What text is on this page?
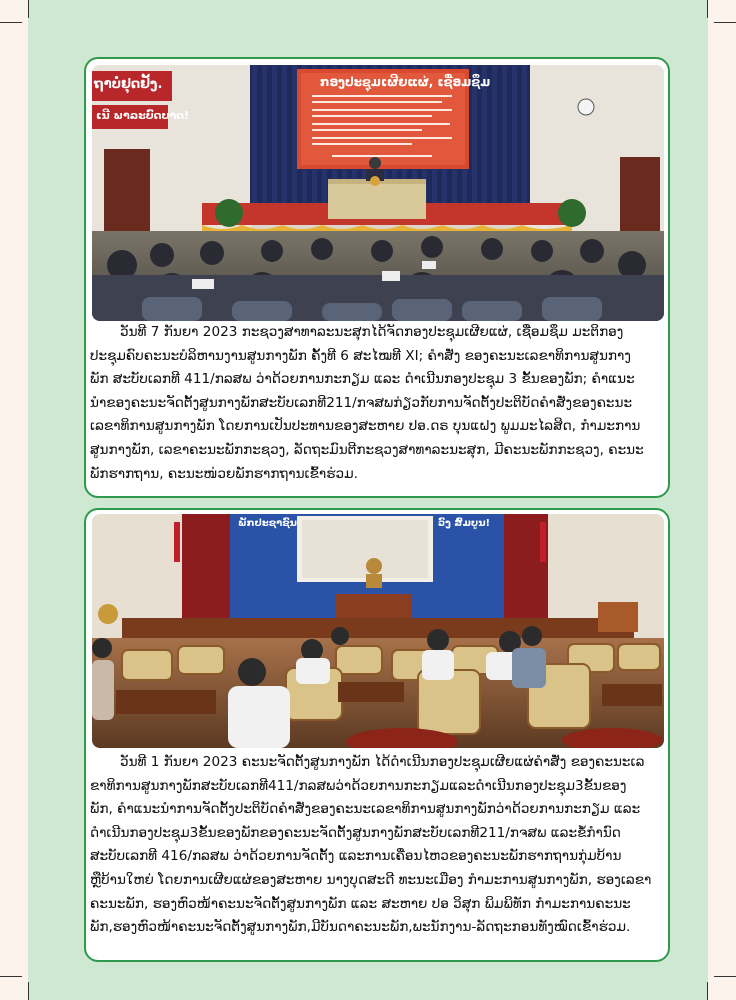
ກອງປະຊຸມເຜີຍແຜ່, ເຊື່ອມຊຶມ
ຖາບໍ່ຢຸດຢັ້ງ.
ເນີ ພາລະບົດບາດ!
ວັນທີ 7 ກັນຍາ 2023 ກະຊວງສາທາລະນະສຸກໄດ້ຈັດກອງປະຊຸມເຜີຍແຜ່, ເຊື່ອມຊຶມ ມະຕິກອງ
ປະຊຸມຄົບຄະນະບໍລິຫານງານສູນກາງພັກ ຄັ້ງທີ 6 ສະໄໝທີ XI; ຄຳສັ່ງ ຂອງຄະນະເລຂາທິການສູນກາງ
ພັກ ສະບັບເລກທີ 411/ກລສພ ວ່າດ້ວຍການກະກຽມ ແລະ ດຳເນີນກອງປະຊຸມ 3 ຂັ້ນຂອງພັກ; ຄຳແນະ
ນຳຂອງຄະນະຈັດຕັ້ງສູນກາງພັກສະບັບເລກທີ211/ກຈສພກ່ຽວກັບການຈັດຕັ້ງປະຕິບັດຄຳສັ່ງຂອງຄະນະ
ເລຂາທິການສູນກາງພັກ ໂດຍການເປັນປະທານຂອງສະຫາຍ ປອ.ດຣ ບຸນແຝງ ພູມມະໄລສິດ, ກຳມະການ
ສູນກາງພັກ, ເລຂາຄະນະພັກກະຊວງ, ລັດຖະມົນຕີກະຊວງສາທາລະນະສຸກ, ມີຄະນະພັກກະຊວງ, ຄະນະ
ພັກຮາກຖານ, ຄະນະໜ່ວຍພັກຮາກຖານເຂົ້າຮ່ວມ.
ພັກປະຊາຊົນ	ວົງ ສົມບູນ!
ວັນທີ 1 ກັນຍາ 2023 ຄະນະຈັດຕັ້ງສູນກາງພັກ ໄດ້ດຳເນີນກອງປະຊຸມເຜີຍແຜ່ຄຳສັ່ງ ຂອງຄະນະເລ
ຂາທິການສູນກາງພັກສະບັບເລກທີ411/ກລສພວ່າດ້ວຍການກະກຽມແລະດຳເນີນກອງປະຊຸມ3ຂັ້ນຂອງ
ພັກ, ຄຳແນະນຳການຈັດຕັ້ງປະຕິບັດຄຳສັ່ງຂອງຄະນະເລຂາທິການສູນກາງພັກວ່າດ້ວຍການກະກຽມ ແລະ
ດຳເນີນກອງປະຊຸມ3ຂັ້ນຂອງພັກຂອງຄະນະຈັດຕັ້ງສູນກາງພັກສະບັບເລກທີ211/ກຈສພ ແລະຂໍ້ກຳນົດ
ສະບັບເລກທີ 416/ກລສພ ວ່າດ້ວຍການຈັດຕັ້ງ ແລະການເຄື່ອນໄຫວຂອງຄະນະພັກຮາກຖານກຸ່ມບ້ານ
ຫຼືບ້ານໃຫຍ່ ໂດຍການເຜີຍແຜ່ຂອງສະຫາຍ ນາງບຸດສະດີ ທະນະເມືອງ ກຳມະການສູນກາງພັກ, ຮອງເລຂາ
ຄະນະພັກ, ຮອງຫົວໜ້າຄະນະຈັດຕັ້ງສູນກາງພັກ ແລະ ສະຫາຍ ປອ ວິສຸກ ພິມພິທັກ ກຳມະການຄະນະ
ພັກ,ຮອງຫົວໜ້າຄະນະຈັດຕັ້ງສູນກາງພັກ,ມີບັນດາຄະນະພັກ,ພະນັກງານ-ລັດຖະກອນທັງໝົດເຂົ້າຮ່ວມ.
